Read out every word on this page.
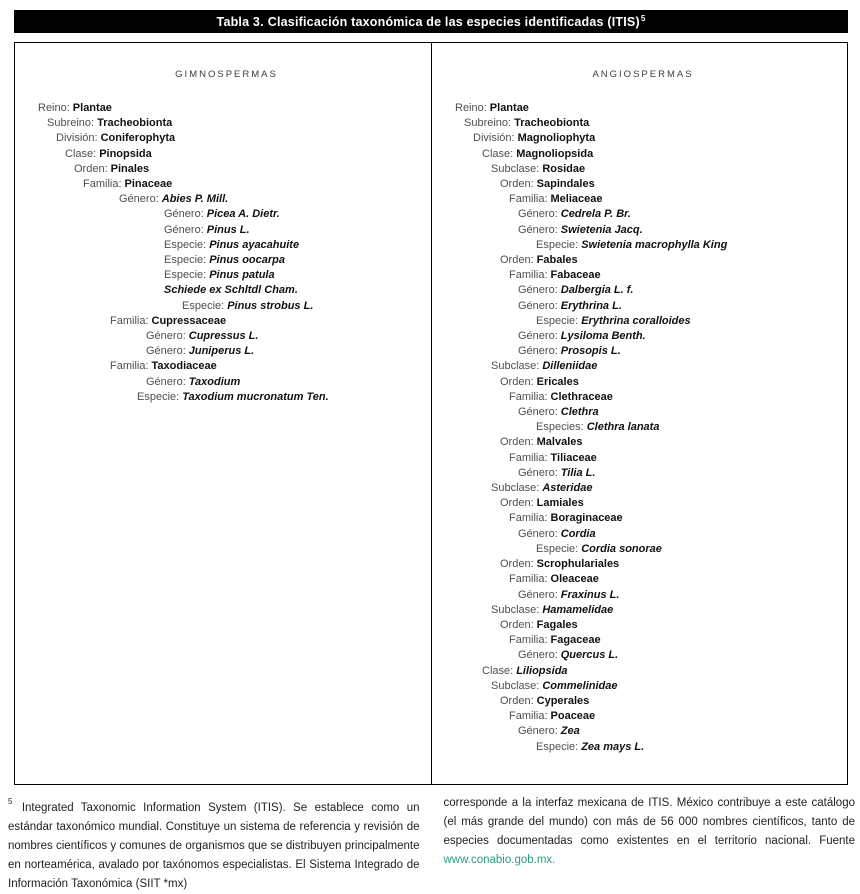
Tabla 3. Clasificación taxonómica de las especies identificadas (ITIS)$^5$
GIMNOSPERMAS
Reino: Plantae
Subreino: Tracheobionta
División: Coniferophyta
Clase: Pinopsida
Orden: Pinales
Familia: Pinaceae
Género: Abies P. Mill.
Género: Picea A. Dietr.
Género: Pinus L.
Especie: Pinus ayacahuite
Especie: Pinus oocarpa
Especie: Pinus patula
Schiede ex Schltdl Cham.
Especie: Pinus strobus L.
Familia: Cupressaceae
Género: Cupressus L.
Género: Juniperus L.
Familia: Taxodiaceae
Género: Taxodium
Especie: Taxodium mucronatum Ten.
ANGIOSPERMAS
Reino: Plantae
Subreino: Tracheobionta
División: Magnoliophyta
Clase: Magnoliopsida
Subclase: Rosidae
Orden: Sapindales
Familia: Meliaceae
Género: Cedrela P. Br.
Género: Swietenia Jacq.
Especie: Swietenia macrophylla King
Orden: Fabales
Familia: Fabaceae
Género: Dalbergia L. f.
Género: Erythrina L.
Especie: Erythrina coralloides
Género: Lysiloma Benth.
Género: Prosopis L.
Subclase: Dilleniidae
Orden: Ericales
Familia: Clethraceae
Género: Clethra
Especies: Clethra lanata
Orden: Malvales
Familia: Tiliaceae
Género: Tilia L.
Subclase: Asteridae
Orden: Lamiales
Familia: Boraginaceae
Género: Cordia
Especie: Cordia sonorae
Orden: Scrophulariales
Familia: Oleaceae
Género: Fraxinus L.
Subclase: Hamamelidae
Orden: Fagales
Familia: Fagaceae
Género: Quercus L.
Clase: Liliopsida
Subclase: Commelinidae
Orden: Cyperales
Familia: Poaceae
Género: Zea
Especie: Zea mays L.
$^5$ Integrated Taxonomic Information System (ITIS). Se establece como un estándar taxonómico mundial. Constituye un sistema de referencia y revisión de nombres científicos y comunes de organismos que se distribuyen principalmente en norteamérica, avalado por taxónomos especialistas. El Sistema Integrado de Información Taxonómica (SIIT *mx)
corresponde a la interfaz mexicana de ITIS. México contribuye a este catálogo (el más grande del mundo) con más de 56 000 nombres científicos, tanto de especies documentadas como existentes en el territorio nacional. Fuente www.conabio.gob.mx.
